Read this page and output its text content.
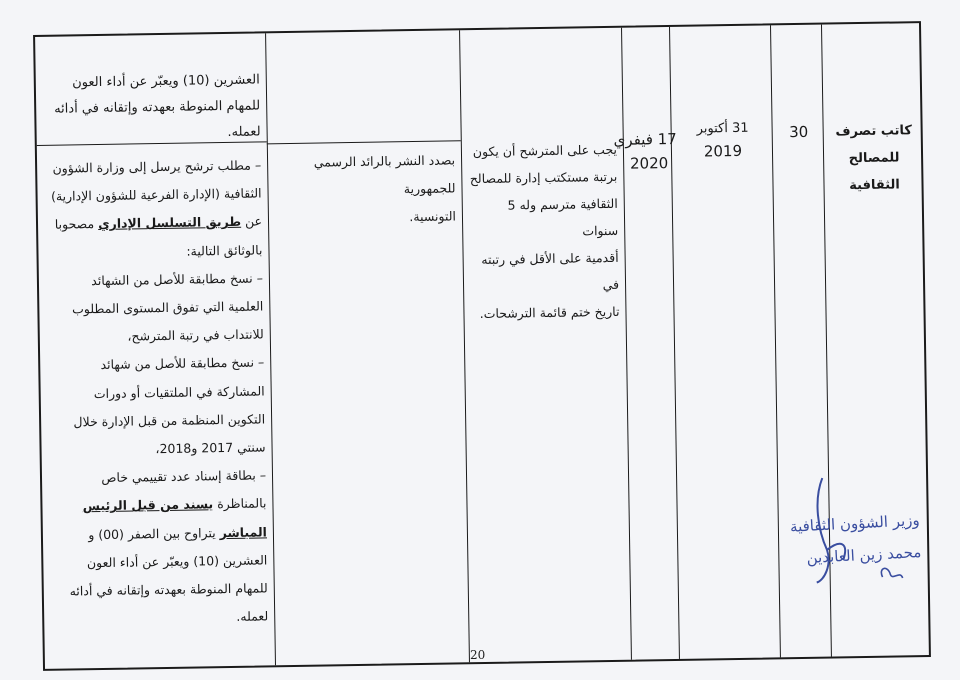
العشرين (10) ويعبّر عن أداء العون

للمهام المنوطة بعهدته وإتقانه في أدائه

لعمله.	كاتب تصرف

للمصالح

الثقافية

30

31 أكتوبر

2019

17 فيفري

2020

يجب على المترشح أن يكون

برتبة مستكتب إدارة للمصالح

الثقافية مترسم وله 5 سنوات

أقدمية على الأقل في رتبته في

تاريخ ختم قائمة الترشحات.

بصدد النشر بالرائد الرسمي للجمهورية

التونسية.

– مطلب ترشح يرسل إلى وزارة الشؤون

الثقافية (الإدارة الفرعية للشؤون الإدارية)

عن طريق التسلسل الإداري مصحوبا

بالوثائق التالية:

– نسخ مطابقة للأصل من الشهائد

العلمية التي تفوق المستوى المطلوب

للانتداب في رتبة المترشح،

– نسخ مطابقة للأصل من شهائد

المشاركة في الملتقيات أو دورات

التكوين المنظمة من قبل الإدارة خلال

سنتي 2017 و2018،

– بطاقة إسناد عدد تقييمي خاص

بالمناظرة يسند من قبل الرئيس

المباشر يتراوح بين الصفر (00) و

العشرين (10) ويعبّر عن أداء العون

للمهام المنوطة بعهدته وإتقانه في أدائه

لعمله.

وزير الشؤون الثقافية
محمد زين العابدين
20
